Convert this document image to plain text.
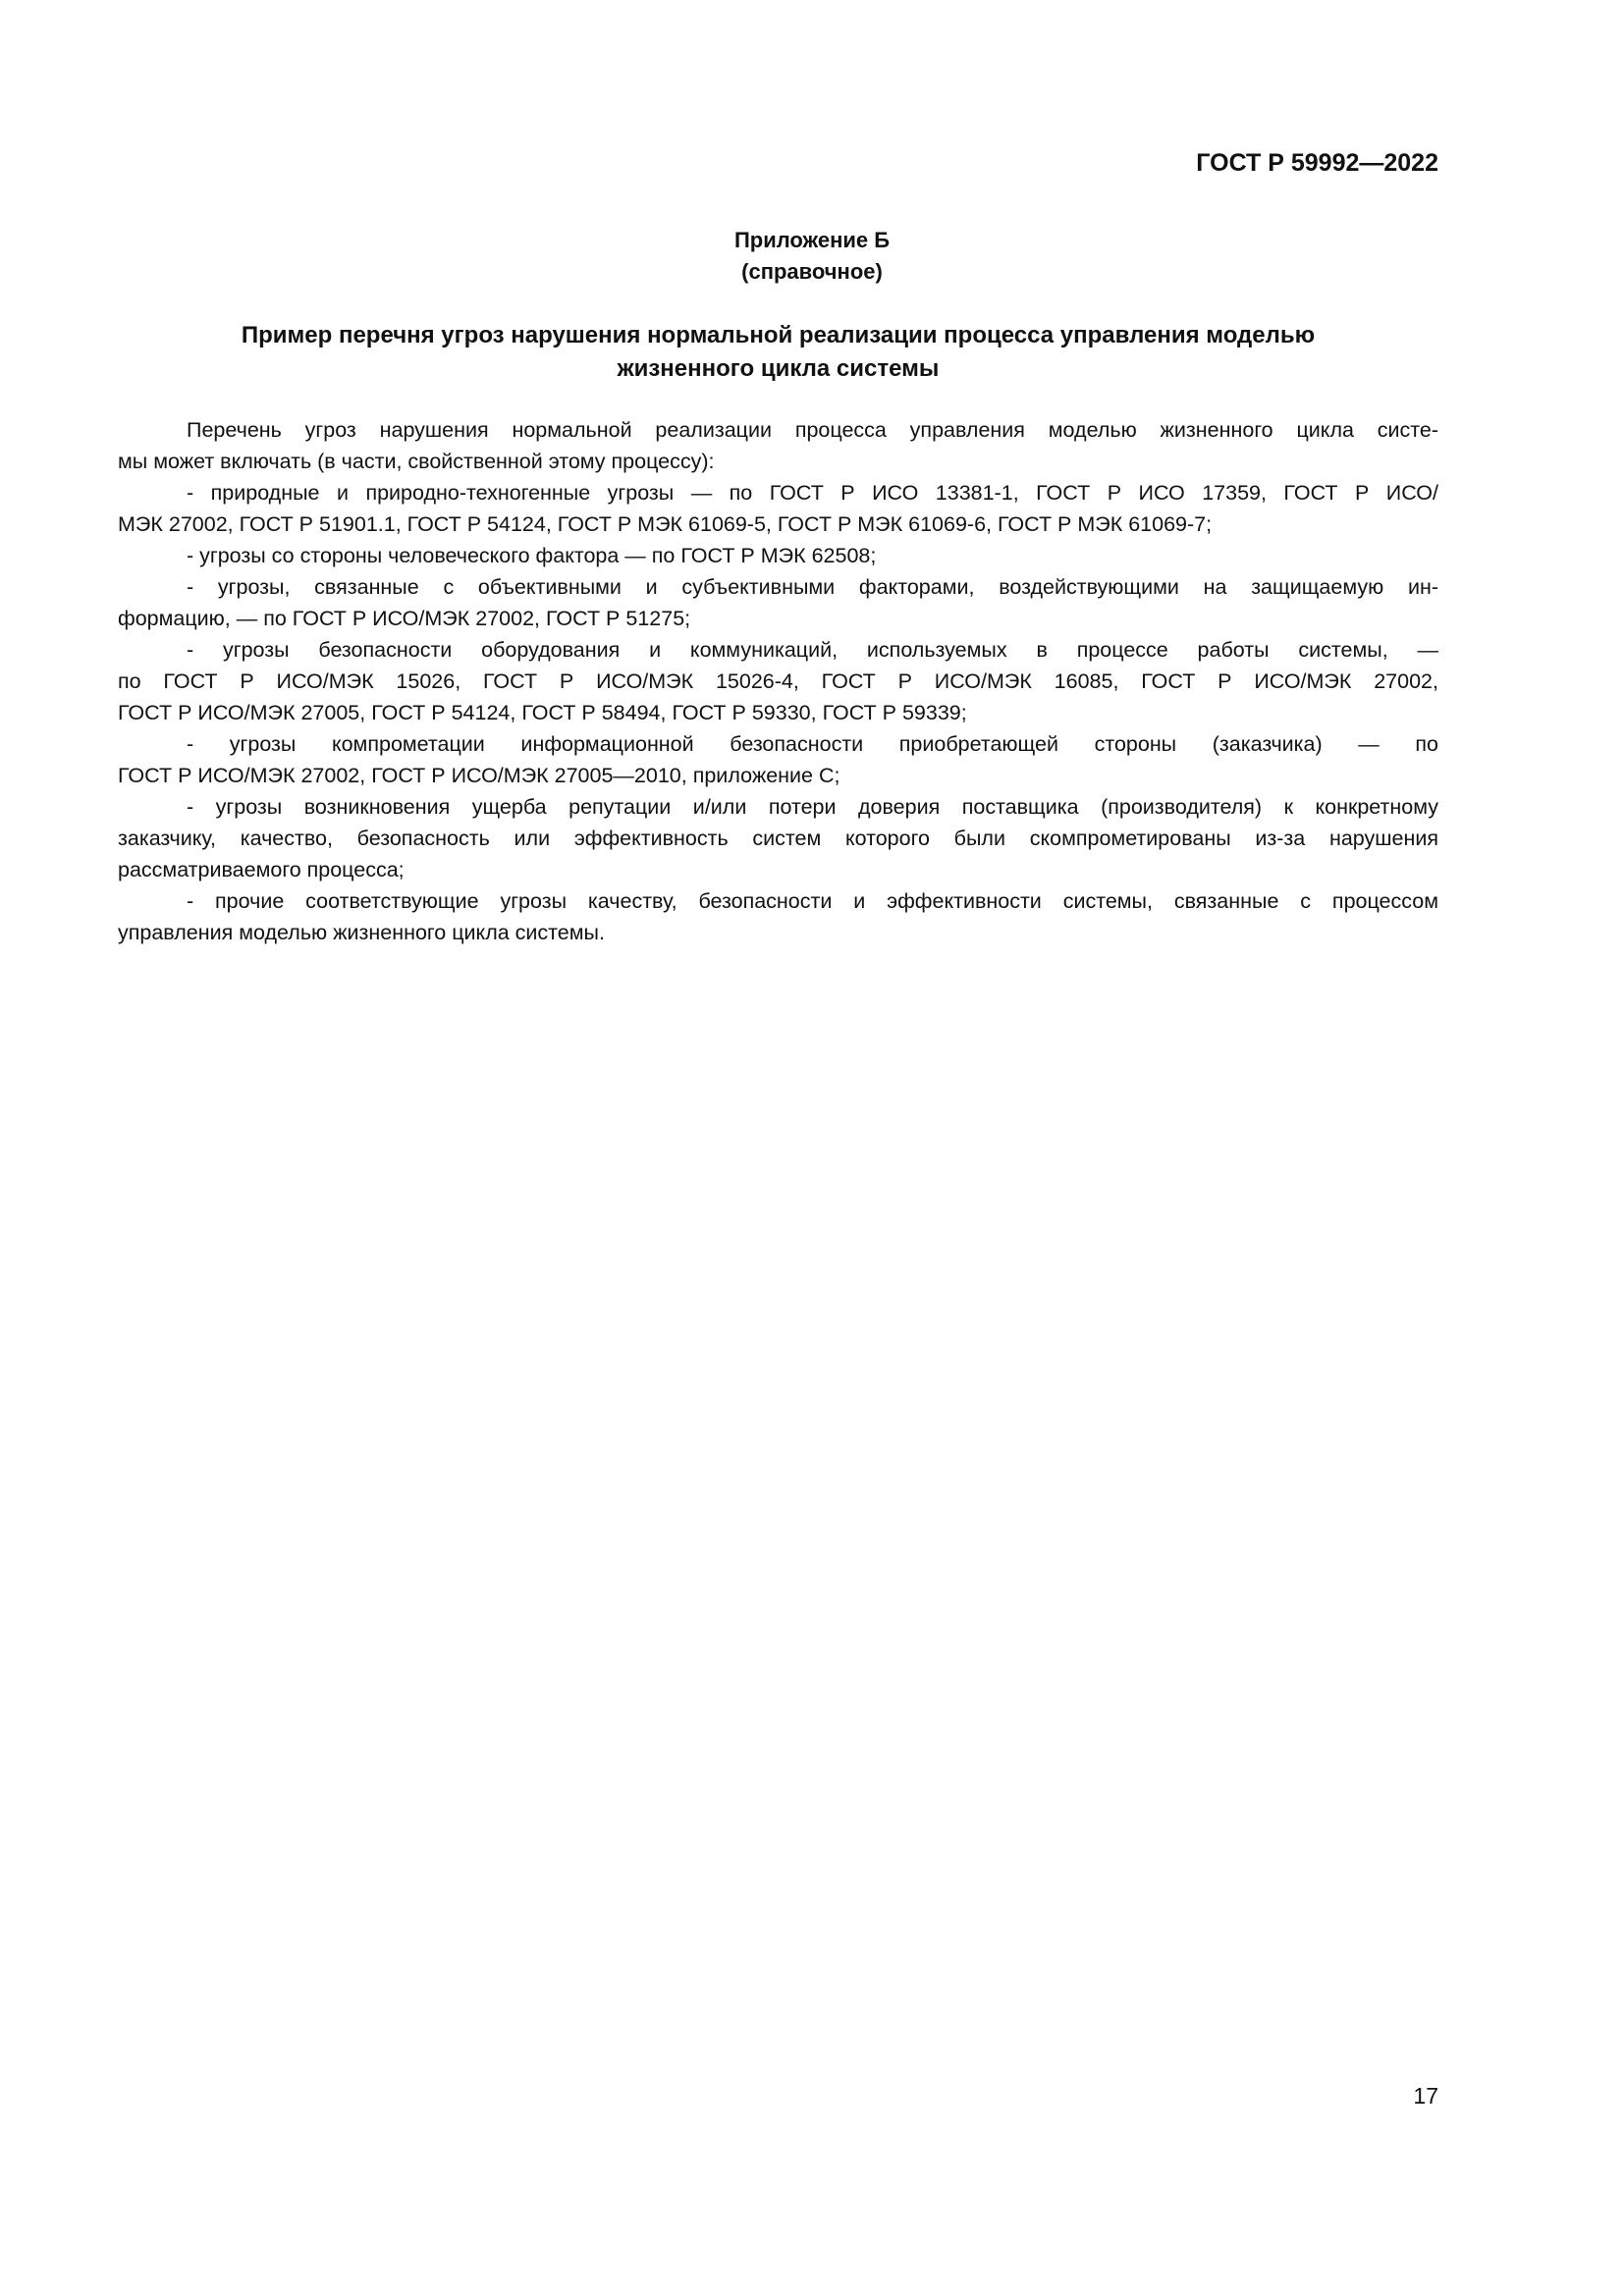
ГОСТ Р 59992—2022
Приложение Б
(справочное)
Пример перечня угроз нарушения нормальной реализации процесса управления моделью
жизненного цикла системы
Перечень угроз нарушения нормальной реализации процесса управления моделью жизненного цикла систе-
мы может включать (в части, свойственной этому процессу):
- природные и природно-техногенные угрозы — по ГОСТ Р ИСО 13381-1, ГОСТ Р ИСО 17359, ГОСТ Р ИСО/
МЭК 27002, ГОСТ Р 51901.1, ГОСТ Р 54124, ГОСТ Р МЭК 61069-5, ГОСТ Р МЭК 61069-6, ГОСТ Р МЭК 61069-7;
- угрозы со стороны человеческого фактора — по ГОСТ Р МЭК 62508;
- угрозы, связанные с объективными и субъективными факторами, воздействующими на защищаемую ин-
формацию, — по ГОСТ Р ИСО/МЭК 27002, ГОСТ Р 51275;
- угрозы безопасности оборудования и коммуникаций, используемых в процессе работы системы, —
по ГОСТ Р ИСО/МЭК 15026, ГОСТ Р ИСО/МЭК 15026-4, ГОСТ Р ИСО/МЭК 16085, ГОСТ Р ИСО/МЭК 27002,
ГОСТ Р ИСО/МЭК 27005, ГОСТ Р 54124, ГОСТ Р 58494, ГОСТ Р 59330, ГОСТ Р 59339;
- угрозы компрометации информационной безопасности приобретающей стороны (заказчика) — по
ГОСТ Р ИСО/МЭК 27002, ГОСТ Р ИСО/МЭК 27005—2010, приложение С;
- угрозы возникновения ущерба репутации и/или потери доверия поставщика (производителя) к конкретному
заказчику, качество, безопасность или эффективность систем которого были скомпрометированы из-за нарушения
рассматриваемого процесса;
- прочие соответствующие угрозы качеству, безопасности и эффективности системы, связанные с процессом
управления моделью жизненного цикла системы.
17
